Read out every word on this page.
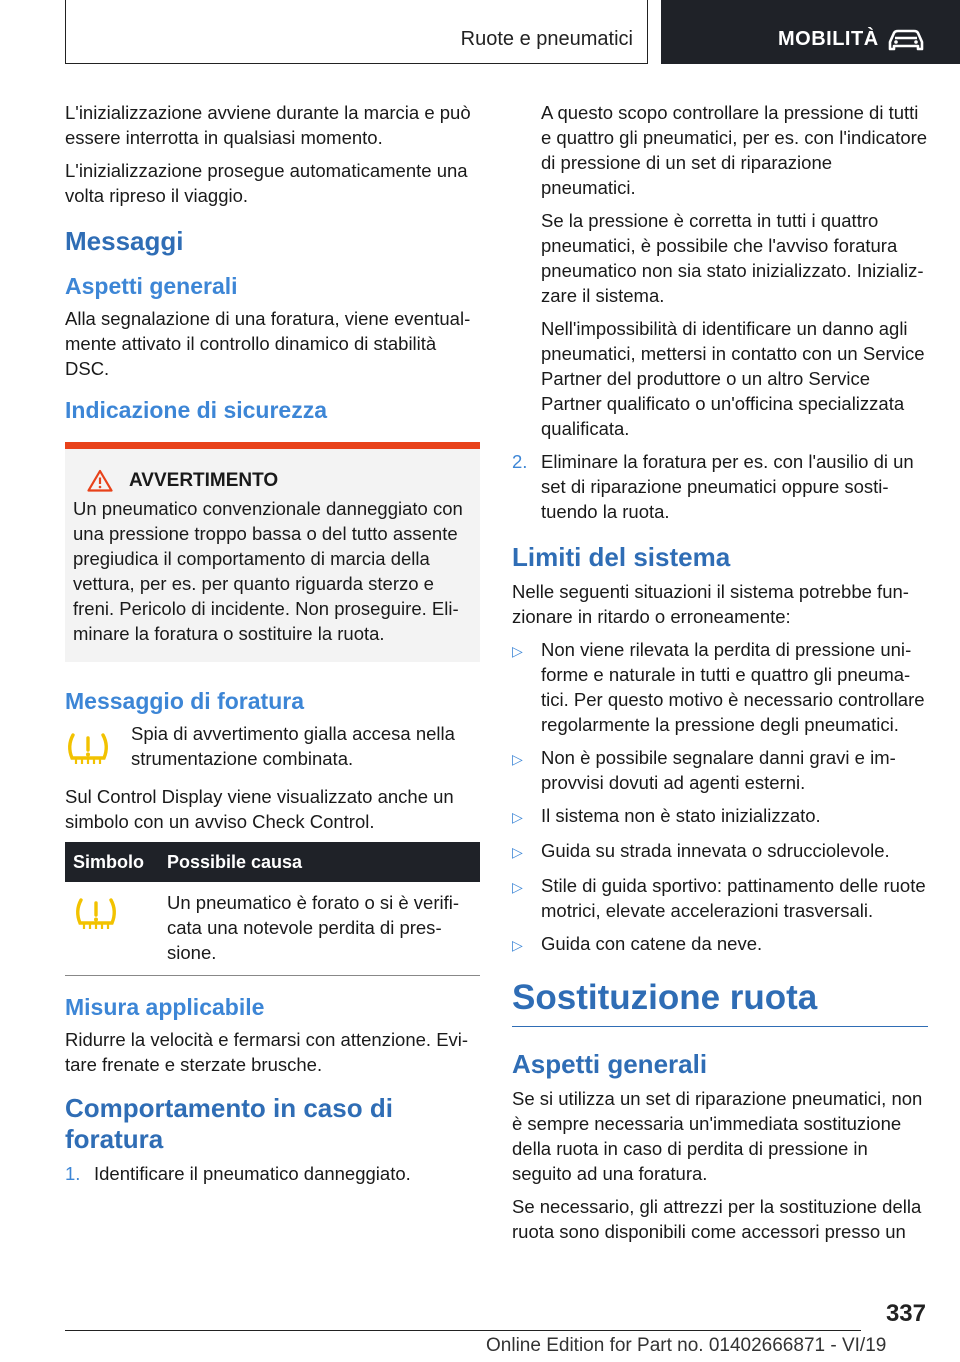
Ruote e pneumatici	MOBILITÀ

L'inizializzazione avviene durante la marcia e può essere interrotta in qualsiasi momento.

L'inizializzazione prosegue automaticamente una volta ripreso il viaggio.

Messaggi
Aspetti generali

Alla segnalazione di una foratura, viene eventualmente attivato il controllo dinamico di stabilità DSC.

Indicazione di sicurezza
AVVERTIMENTO

Un pneumatico convenzionale danneggiato con una pressione troppo bassa o del tutto assente pregiudica il comportamento di marcia della vettura, per es. per quanto riguarda sterzo e freni. Pericolo di incidente. Non proseguire. Eliminare la foratura o sostituire la ruota.

Messaggio di foratura

Spia di avvertimento gialla accesa nella strumentazione combinata.

Sul Control Display viene visualizzato anche un simbolo con un avviso Check Control.

Simbolo	Possibile causa
	Un pneumatico è forato o si è verificata una notevole perdita di pressione.
Misura applicabile

Ridurre la velocità e fermarsi con attenzione. Evitare frenate e sterzate brusche.

Comportamento in caso di foratura
1. Identificare il pneumatico danneggiato.

A questo scopo controllare la pressione di tutti e quattro gli pneumatici, per es. con l'indicatore di pressione di un set di riparazione pneumatici.

Se la pressione è corretta in tutti i quattro pneumatici, è possibile che l'avviso foratura pneumatico non sia stato inizializzato. Inizializzare il sistema.

Nell'impossibilità di identificare un danno agli pneumatici, mettersi in contatto con un Service Partner del produttore o un altro Service Partner qualificato o un'officina specializzata qualificata.

2. Eliminare la foratura per es. con l'ausilio di un set di riparazione pneumatici oppure sostituendo la ruota.
Limiti del sistema

Nelle seguenti situazioni il sistema potrebbe funzionare in ritardo o erroneamente:

▷ Non viene rilevata la perdita di pressione uniforme e naturale in tutti e quattro gli pneumatici. Per questo motivo è necessario controllare regolarmente la pressione degli pneumatici.
▷ Non è possibile segnalare danni gravi e improvvisi dovuti ad agenti esterni.
▷ Il sistema non è stato inizializzato.
▷ Guida su strada innevata o sdrucciolevole.
▷ Stile di guida sportivo: pattinamento delle ruote motrici, elevate accelerazioni trasversali.
▷ Guida con catene da neve.
Sostituzione ruota
Aspetti generali

Se si utilizza un set di riparazione pneumatici, non è sempre necessaria un'immediata sostituzione della ruota in caso di perdita di pressione in seguito ad una foratura.

Se necessario, gli attrezzi per la sostituzione della ruota sono disponibili come accessori presso un

337
Online Edition for Part no. 01402666871 - VI/19
